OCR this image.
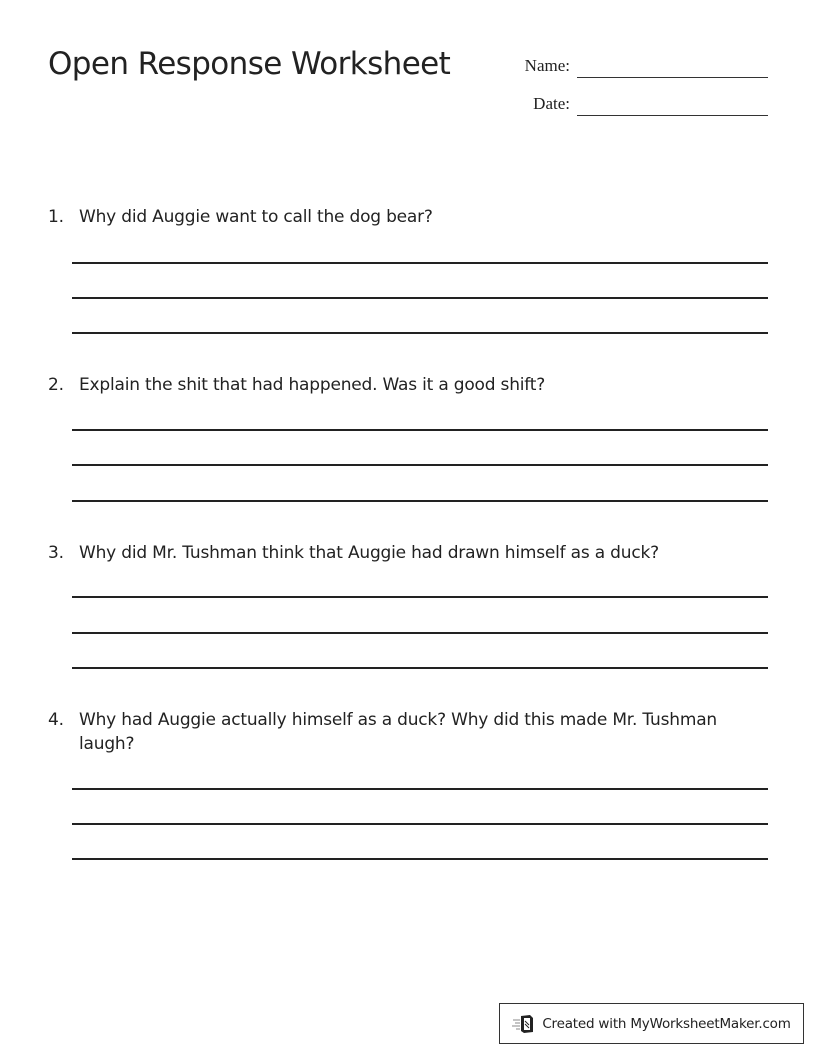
Open Response Worksheet	Name:
Date:
1. Why did Auggie want to call the dog bear?
2. Explain the shit that had happened. Was it a good shift?
3. Why did Mr. Tushman think that Auggie had drawn himself as a duck?
4. Why had Auggie actually himself as a duck? Why did this made Mr. Tushman laugh?
Created with MyWorksheetMaker.com
